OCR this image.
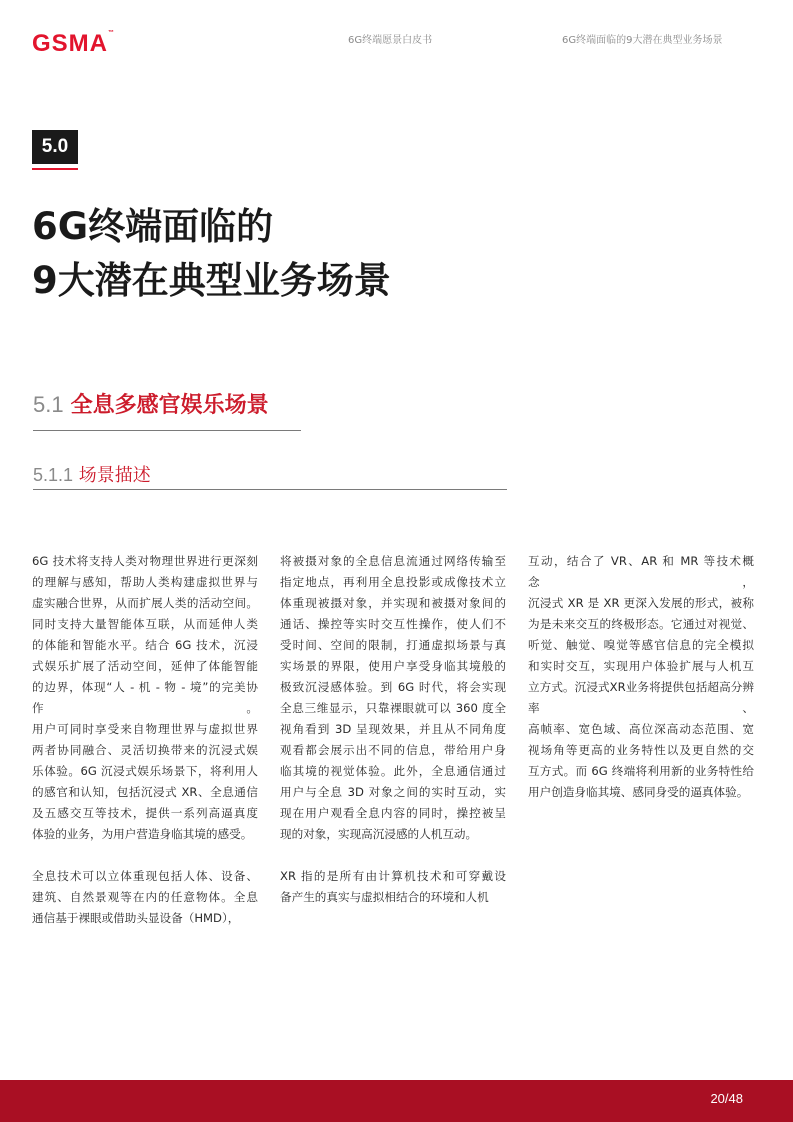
GSMA™
6G终端愿景白皮书	6G终端面临的9大潜在典型业务场景
5.0
6G终端面临的
9大潜在典型业务场景
5.1 全息多感官娱乐场景
5.1.1 场景描述

6G 技术将支持人类对物理世界进行更深刻

的理解与感知，帮助人类构建虚拟世界与

虚实融合世界，从而扩展人类的活动空间。

同时支持大量智能体互联，从而延伸人类

的体能和智能水平。结合 6G 技术，沉浸

式娱乐扩展了活动空间，延伸了体能智能

的边界，体现“人 - 机 - 物 - 境”的完美协作。

用户可同时享受来自物理世界与虚拟世界

两者协同融合、灵活切换带来的沉浸式娱

乐体验。6G 沉浸式娱乐场景下，将利用人

的感官和认知，包括沉浸式 XR、全息通信

及五感交互等技术，提供一系列高逼真度

体验的业务，为用户营造身临其境的感受。

全息技术可以立体重现包括人体、设备、

建筑、自然景观等在内的任意物体。全息

通信基于裸眼或借助头显设备（HMD），

将被摄对象的全息信息流通过网络传输至

指定地点，再利用全息投影或成像技术立

体重现被摄对象，并实现和被摄对象间的

通话、操控等实时交互性操作，使人们不

受时间、空间的限制，打通虚拟场景与真

实场景的界限，使用户享受身临其境般的

极致沉浸感体验。到 6G 时代，将会实现

全息三维显示，只靠裸眼就可以 360 度全

视角看到 3D 呈现效果，并且从不同角度

观看都会展示出不同的信息，带给用户身

临其境的视觉体验。此外，全息通信通过

用户与全息 3D 对象之间的实时互动，实

现在用户观看全息内容的同时，操控被呈

现的对象，实现高沉浸感的人机互动。

XR 指的是所有由计算机技术和可穿戴设

备产生的真实与虚拟相结合的环境和人机

互动，结合了 VR、AR 和 MR 等技术概念，

沉浸式 XR 是 XR 更深入发展的形式，被称

为是未来交互的终极形态。它通过对视觉、

听觉、触觉、嗅觉等感官信息的完全模拟

和实时交互，实现用户体验扩展与人机互

立方式。沉浸式XR业务将提供包括超高分辨率、

高帧率、宽色域、高位深高动态范围、宽

视场角等更高的业务特性以及更自然的交

互方式。而 6G 终端将利用新的业务特性给

用户创造身临其境、感同身受的逼真体验。

20/48
